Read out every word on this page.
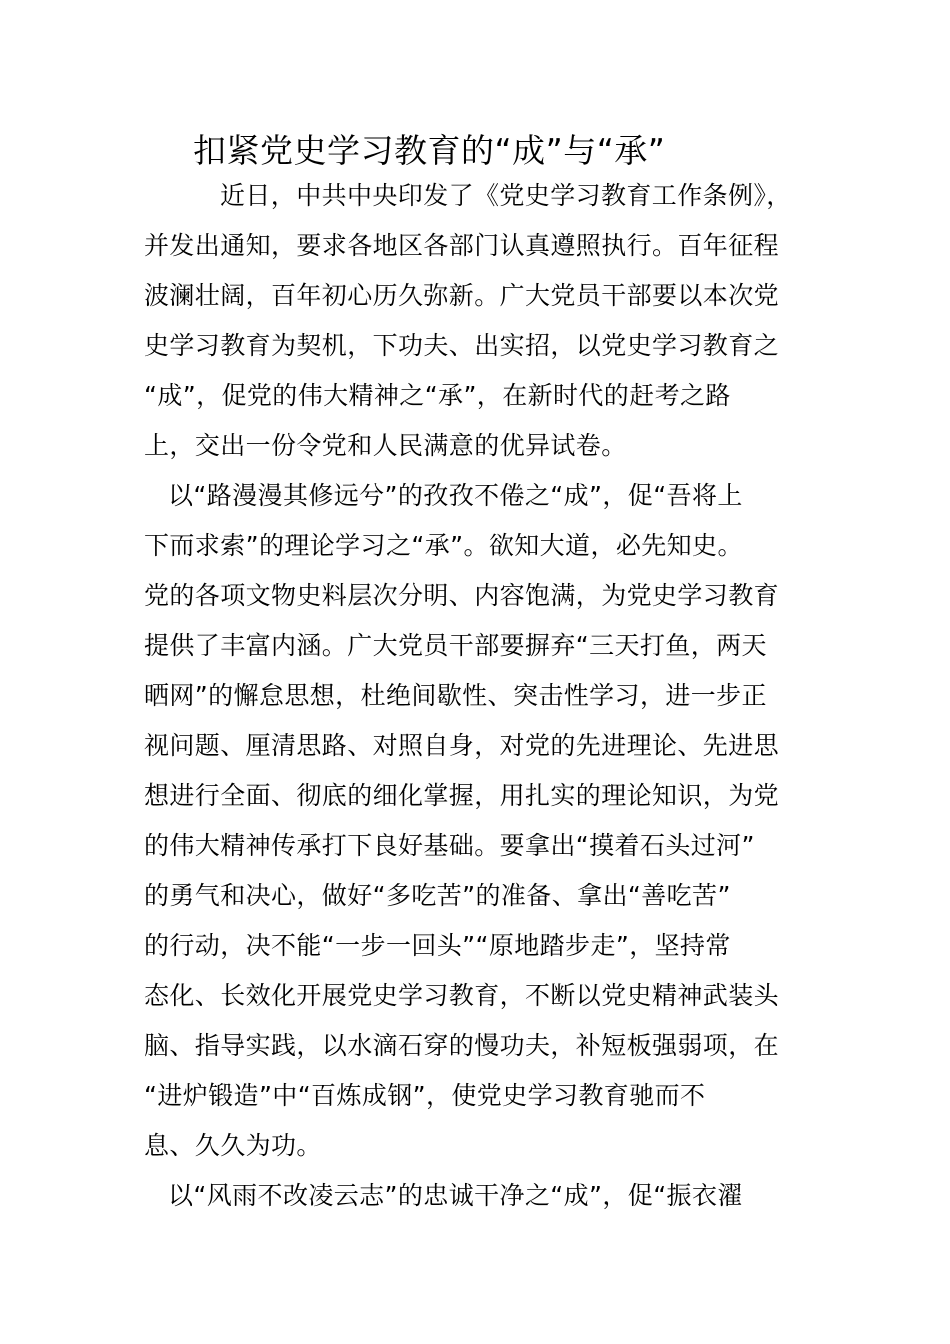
扣紧党史学习教育的“成”与“承”
近日，中共中央印发了《党史学习教育工作条例》，
并发出通知，要求各地区各部门认真遵照执行。百年征程
波澜壮阔，百年初心历久弥新。广大党员干部要以本次党
史学习教育为契机，下功夫、出实招，以党史学习教育之
“成”，促党的伟大精神之“承”，在新时代的赶考之路
上，交出一份令党和人民满意的优异试卷。
以“路漫漫其修远兮”的孜孜不倦之“成”，促“吾将上
下而求索”的理论学习之“承”。欲知大道，必先知史。
党的各项文物史料层次分明、内容饱满，为党史学习教育
提供了丰富内涵。广大党员干部要摒弃“三天打鱼，两天
晒网”的懈怠思想，杜绝间歇性、突击性学习，进一步正
视问题、厘清思路、对照自身，对党的先进理论、先进思
想进行全面、彻底的细化掌握，用扎实的理论知识，为党
的伟大精神传承打下良好基础。要拿出“摸着石头过河”
的勇气和决心，做好“多吃苦”的准备、拿出“善吃苦”
的行动，决不能“一步一回头”“原地踏步走”，坚持常
态化、长效化开展党史学习教育，不断以党史精神武装头
脑、指导实践，以水滴石穿的慢功夫，补短板强弱项，在
“进炉锻造”中“百炼成钢”，使党史学习教育驰而不
息、久久为功。
以“风雨不改凌云志”的忠诚干净之“成”，促“振衣濯
